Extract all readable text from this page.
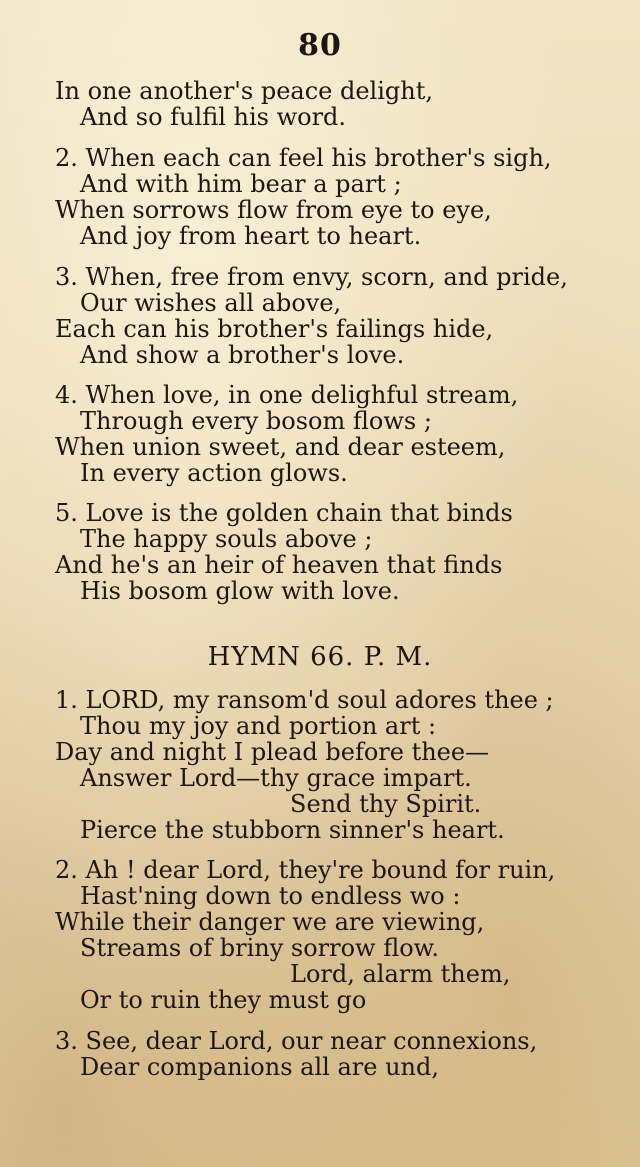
80
In one another's peace delight,
And so fulfil his word.
2. When each can feel his brother's sigh,
And with him bear a part ;
When sorrows flow from eye to eye,
And joy from heart to heart.
3. When, free from envy, scorn, and pride,
Our wishes all above,
Each can his brother's failings hide,
And show a brother's love.
4. When love, in one delighful stream,
Through every bosom flows ;
When union sweet, and dear esteem,
In every action glows.
5. Love is the golden chain that binds
The happy souls above ;
And he's an heir of heaven that finds
His bosom glow with love.
HYMN 66. P. M.
1. LORD, my ransom'd soul adores thee ;
Thou my joy and portion art :
Day and night I plead before thee—
Answer Lord—thy grace impart.
Send thy Spirit.
Pierce the stubborn sinner's heart.
2. Ah ! dear Lord, they're bound for ruin,
Hast'ning down to endless wo :
While their danger we are viewing,
Streams of briny sorrow flow.
Lord, alarm them,
Or to ruin they must go
3. See, dear Lord, our near connexions,
Dear companions all are und,
